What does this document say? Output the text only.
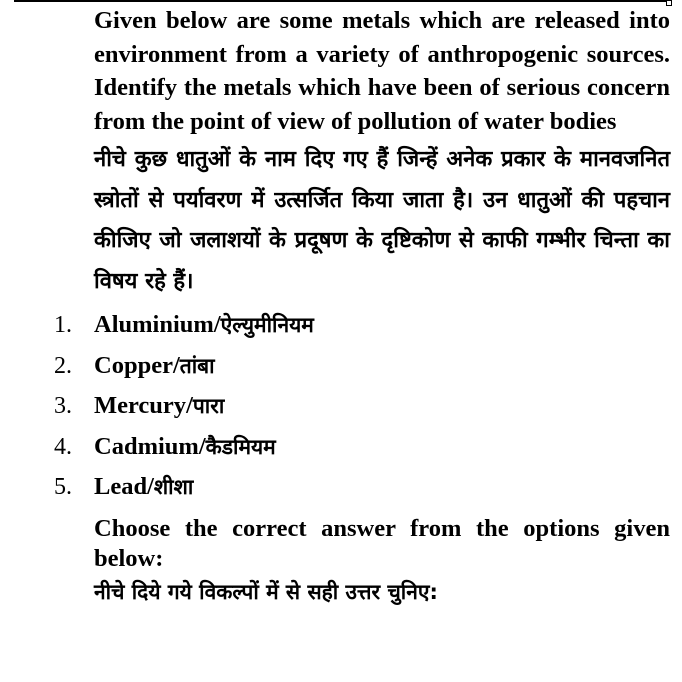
Given below are some metals which are released into environment from a variety of anthropogenic sources. Identify the metals which have been of serious concern from the point of view of pollution of water bodies

नीचे कुछ धातुओं के नाम दिए गए हैं जिन्हें अनेक प्रकार के मानवजनित स्त्रोतों से पर्यावरण में उत्सर्जित किया जाता है। उन धातुओं की पहचान कीजिए जो जलाशयों के प्रदूषण के दृष्टिकोण से काफी गम्भीर चिन्ता का विषय रहे हैं।

1. Aluminium/ऐल्युमीनियम
2. Copper/तांबा
3. Mercury/पारा
4. Cadmium/कैडमियम
5. Lead/शीशा

Choose the correct answer from the options given below:

नीचे दिये गये विकल्पों में से सही उत्तर चुनिए:
